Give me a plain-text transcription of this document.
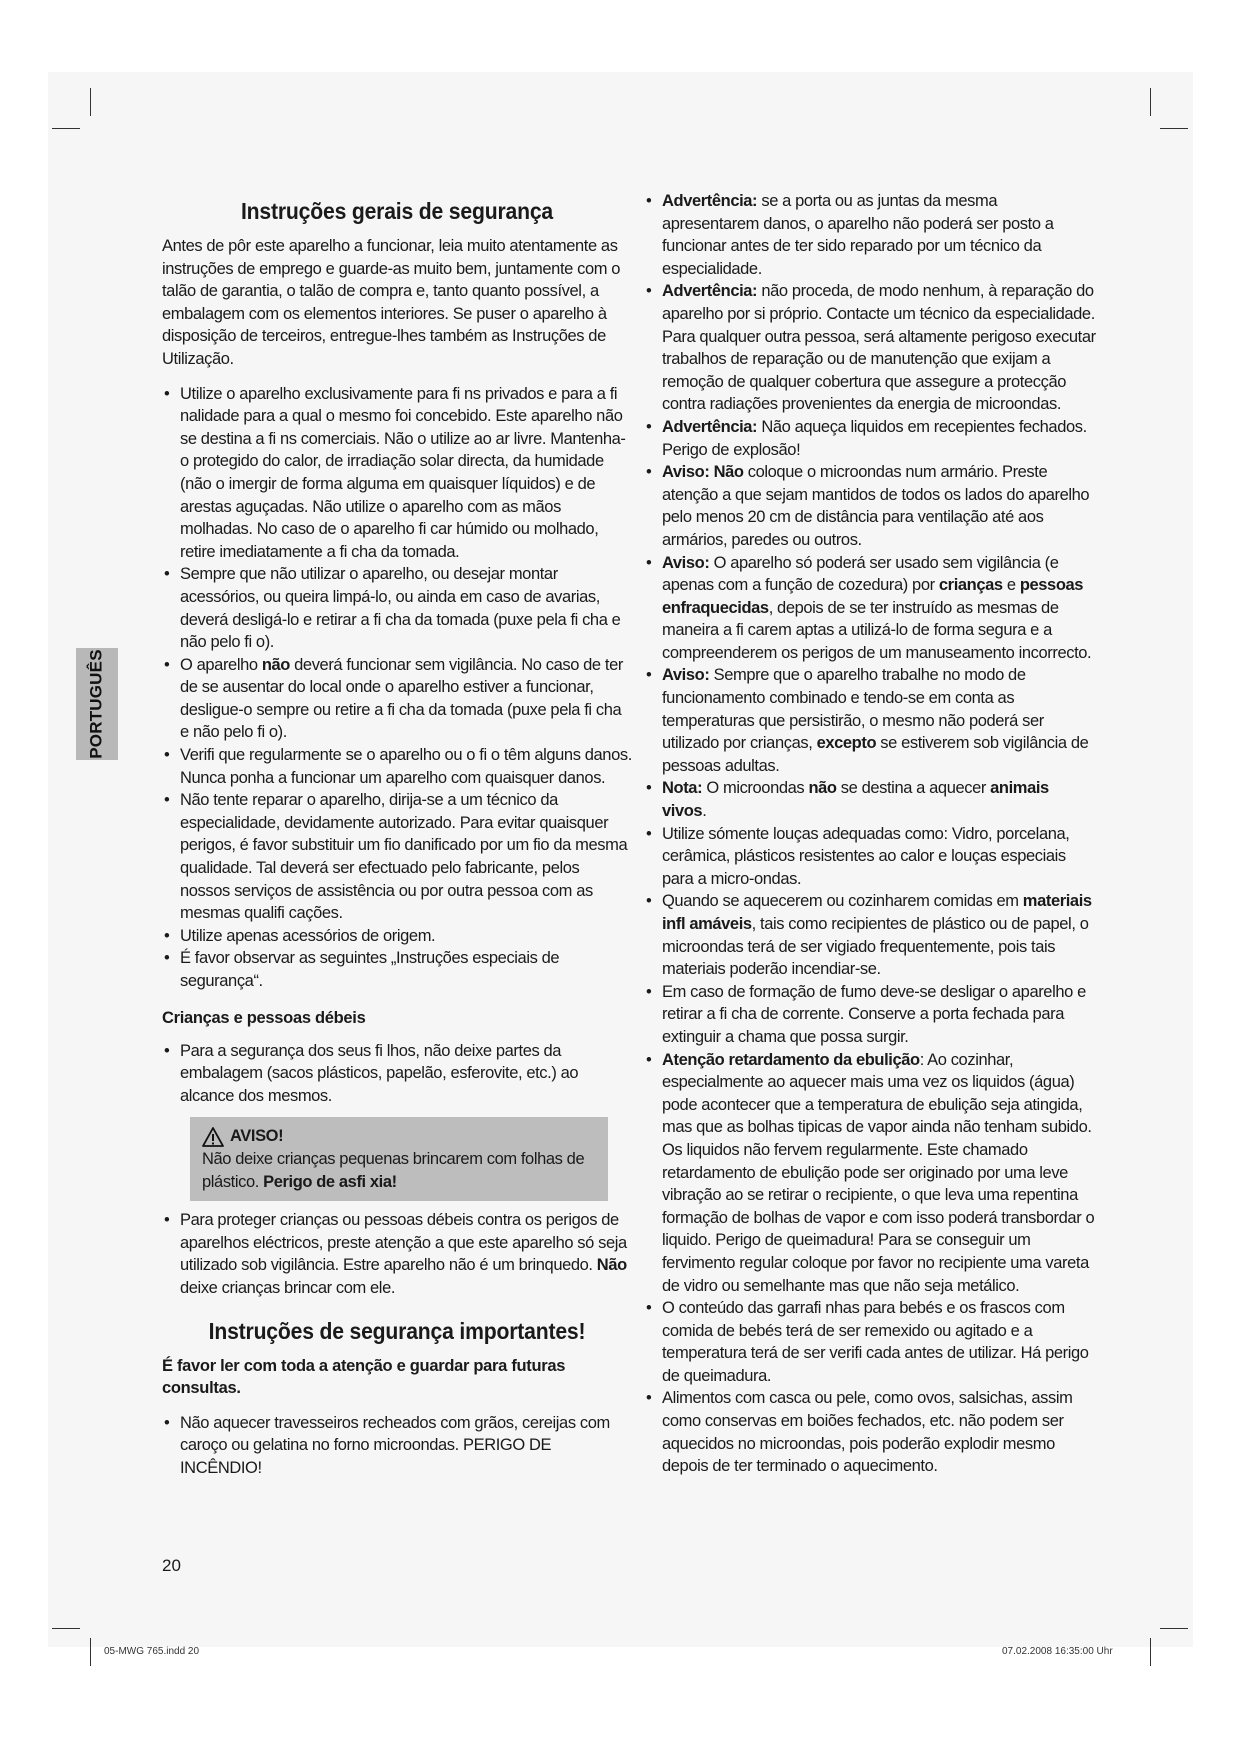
PORTUGUÊS
Instruções gerais de segurança

Antes de pôr este aparelho a funcionar, leia muito atentamente as instruções de emprego e guarde-as muito bem, juntamente com o talão de garantia, o talão de compra e, tanto quanto possível, a embalagem com os elementos interiores. Se puser o aparelho à disposição de terceiros, entregue-lhes também as Instruções de Utilização.

• Utilize o aparelho exclusivamente para fi ns privados e para a fi nalidade para a qual o mesmo foi concebido. Este aparelho não se destina a fi ns comerciais. Não o utilize ao ar livre. Mantenha-o protegido do calor, de irradiação solar directa, da humidade (não o imergir de forma alguma em quaisquer líquidos) e de arestas aguçadas. Não utilize o aparelho com as mãos molhadas. No caso de o aparelho fi car húmido ou molhado, retire imediatamente a fi cha da tomada.
• Sempre que não utilizar o aparelho, ou desejar montar acessórios, ou queira limpá-lo, ou ainda em caso de avarias, deverá desligá-lo e retirar a fi cha da tomada (puxe pela fi cha e não pelo fi o).
• O aparelho não deverá funcionar sem vigilância. No caso de ter de se ausentar do local onde o aparelho estiver a funcionar, desligue-o sempre ou retire a fi cha da tomada (puxe pela fi cha e não pelo fi o).
• Verifi que regularmente se o aparelho ou o fi o têm alguns danos. Nunca ponha a funcionar um aparelho com quaisquer danos.
• Não tente reparar o aparelho, dirija-se a um técnico da especialidade, devidamente autorizado. Para evitar quaisquer perigos, é favor substituir um fio danificado por um fio da mesma qualidade. Tal deverá ser efectuado pelo fabricante, pelos nossos serviços de assistência ou por outra pessoa com as mesmas qualifi cações.
• Utilize apenas acessórios de origem.
• É favor observar as seguintes „Instruções especiais de segurança“.
Crianças e pessoas débeis
• Para a segurança dos seus fi lhos, não deixe partes da embalagem (sacos plásticos, papelão, esferovite, etc.) ao alcance dos mesmos.
AVISO!
Não deixe crianças pequenas brincarem com folhas de plástico. Perigo de asfi xia!
• Para proteger crianças ou pessoas débeis contra os perigos de aparelhos eléctricos, preste atenção a que este aparelho só seja utilizado sob vigilância. Estre aparelho não é um brinquedo. Não deixe crianças brincar com ele.
Instruções de segurança importantes!
É favor ler com toda a atenção e guardar para futuras consultas.
• Não aquecer travesseiros recheados com grãos, cereijas com caroço ou gelatina no forno microondas. PERIGO DE INCÊNDIO!
• Advertência: se a porta ou as juntas da mesma apresentarem danos, o aparelho não poderá ser posto a funcionar antes de ter sido reparado por um técnico da especialidade.
• Advertência: não proceda, de modo nenhum, à reparação do aparelho por si próprio. Contacte um técnico da especialidade. Para qualquer outra pessoa, será altamente perigoso executar trabalhos de reparação ou de manutenção que exijam a remoção de qualquer cobertura que assegure a protecção contra radiações provenientes da energia de microondas.
• Advertência: Não aqueça liquidos em recepientes fechados. Perigo de explosão!
• Aviso: Não coloque o microondas num armário. Preste atenção a que sejam mantidos de todos os lados do aparelho pelo menos 20 cm de distância para ventilação até aos armários, paredes ou outros.
• Aviso: O aparelho só poderá ser usado sem vigilância (e apenas com a função de cozedura) por crianças e pessoas enfraquecidas, depois de se ter instruído as mesmas de maneira a fi carem aptas a utilizá-lo de forma segura e a compreenderem os perigos de um manuseamento incorrecto.
• Aviso: Sempre que o aparelho trabalhe no modo de funcionamento combinado e tendo-se em conta as temperaturas que persistirão, o mesmo não poderá ser utilizado por crianças, excepto se estiverem sob vigilância de pessoas adultas.
• Nota: O microondas não se destina a aquecer animais vivos.
• Utilize sómente louças adequadas como: Vidro, porcelana, cerâmica, plásticos resistentes ao calor e louças especiais para a micro-ondas.
• Quando se aquecerem ou cozinharem comidas em materiais infl amáveis, tais como recipientes de plástico ou de papel, o microondas terá de ser vigiado frequentemente, pois tais materiais poderão incendiar-se.
• Em caso de formação de fumo deve-se desligar o aparelho e retirar a fi cha de corrente. Conserve a porta fechada para extinguir a chama que possa surgir.
• Atenção retardamento da ebulição: Ao cozinhar, especialmente ao aquecer mais uma vez os liquidos (água) pode acontecer que a temperatura de ebulição seja atingida, mas que as bolhas tipicas de vapor ainda não tenham subido. Os liquidos não fervem regularmente. Este chamado retardamento de ebulição pode ser originado por uma leve vibração ao se retirar o recipiente, o que leva uma repentina formação de bolhas de vapor e com isso poderá transbordar o liquido. Perigo de queimadura! Para se conseguir um fervimento regular coloque por favor no recipiente uma vareta de vidro ou semelhante mas que não seja metálico.
• O conteúdo das garrafi nhas para bebés e os frascos com comida de bebés terá de ser remexido ou agitado e a temperatura terá de ser verifi cada antes de utilizar. Há perigo de queimadura.
• Alimentos com casca ou pele, como ovos, salsichas, assim como conservas em boiões fechados, etc. não podem ser aquecidos no microondas, pois poderão explodir mesmo depois de ter terminado o aquecimento.
20
05-MWG 765.indd 20	07.02.2008 16:35:00 Uhr
